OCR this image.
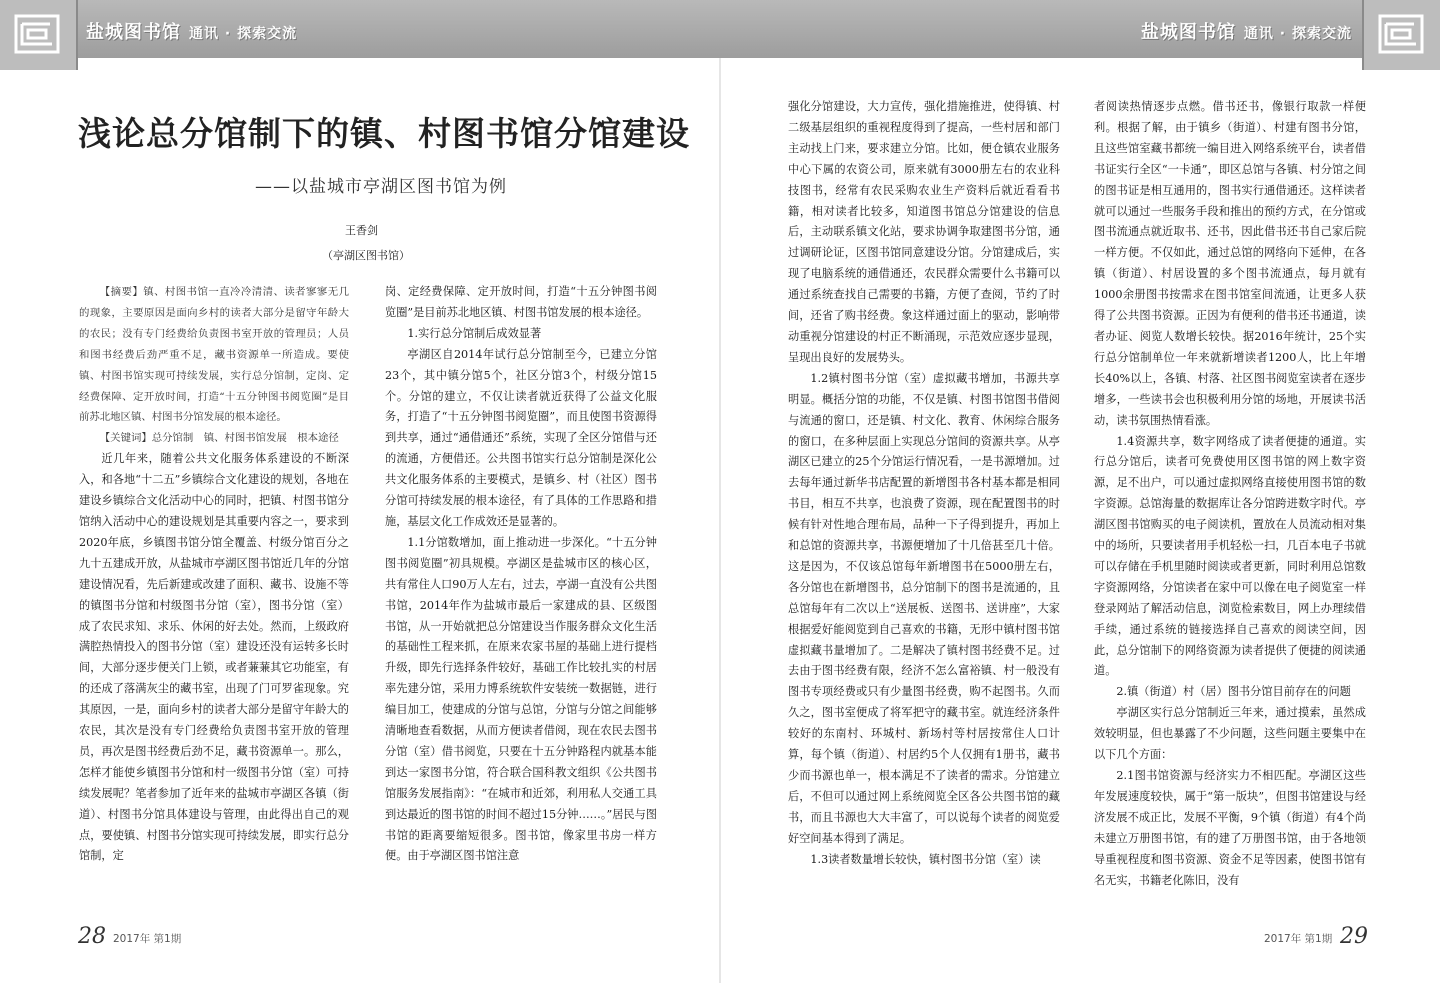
盐城图书馆 通讯 · 探索交流	盐城图书馆 通讯 · 探索交流
浅论总分馆制下的镇、村图书馆分馆建设
——以盐城市亭湖区图书馆为例
王香剑
（亭湖区图书馆）

【摘要】镇、村图书馆一直冷冷清清、读者寥寥无几的现象，主要原因是面向乡村的读者大部分是留守年龄大的农民；没有专门经费给负责图书室开放的管理员；人员和图书经费后劲严重不足，藏书资源单一所造成。要使镇、村图书馆实现可持续发展，实行总分馆制，定岗、定经费保障、定开放时间，打造“十五分钟图书阅览圈”是目前苏北地区镇、村图书分馆发展的根本途径。

【关键词】总分馆制　镇、村图书馆发展　根本途径

近几年来，随着公共文化服务体系建设的不断深入，和各地“十二五”乡镇综合文化建设的规划，各地在建设乡镇综合文化活动中心的同时，把镇、村图书馆分馆纳入活动中心的建设规划是其重要内容之一，要求到2020年底，乡镇图书馆分馆全覆盖、村级分馆百分之九十五建成开放，从盐城市亭湖区图书馆近几年的分馆建设情况看，先后新建或改建了面积、藏书、设施不等的镇图书分馆和村级图书分馆（室），图书分馆（室）成了农民求知、求乐、休闲的好去处。然而，上级政府满腔热情投入的图书分馆（室）建设还没有运转多长时间，大部分逐步便关门上锁，或者蒹蒹其它功能室，有的还成了落满灰尘的藏书室，出现了门可罗雀现象。究其原因，一是，面向乡村的读者大部分是留守年龄大的农民，其次是没有专门经费给负责图书室开放的管理员，再次是图书经费后劲不足，藏书资源单一。那么，怎样才能使乡镇图书分馆和村一级图书分馆（室）可持续发展呢？笔者参加了近年来的盐城市亭湖区各镇（街道）、村图书分馆具体建设与管理，由此得出自己的观点，要使镇、村图书分馆实现可持续发展，即实行总分馆制，定

岗、定经费保障、定开放时间，打造“十五分钟图书阅览圈”是目前苏北地区镇、村图书馆发展的根本途径。

1.实行总分馆制后成效显著

亭湖区自2014年试行总分馆制至今，已建立分馆23个，其中镇分馆5个，社区分馆3个，村级分馆15个。分馆的建立，不仅让读者就近获得了公益文化服务，打造了“十五分钟图书阅览圈”，而且使图书资源得到共享，通过“通借通还”系统，实现了全区分馆借与还的流通，方便借还。公共图书馆实行总分馆制是深化公共文化服务体系的主要模式，是镇乡、村（社区）图书分馆可持续发展的根本途径，有了具体的工作思路和措施，基层文化工作成效还是显著的。

1.1分馆数增加，面上推动进一步深化。“十五分钟图书阅览圈”初具规模。亭湖区是盐城市区的核心区，共有常住人口90万人左右，过去，亭湖一直没有公共图书馆，2014年作为盐城市最后一家建成的县、区级图书馆，从一开始就把总分馆建设当作服务群众文化生活的基础性工程来抓，在原来农家书屋的基础上进行提档升级，即先行选择条件较好，基础工作比较扎实的村居率先建分馆，采用力博系统软件安装统一数据链，进行编目加工，使建成的分馆与总馆，分馆与分馆之间能够清晰地查看数据，从而方便读者借阅，现在农民去图书分馆（室）借书阅览，只要在十五分钟路程内就基本能到达一家图书分馆，符合联合国科教文组织《公共图书馆服务发展指南》：“在城市和近郊，利用私人交通工具到达最近的图书馆的时间不超过15分钟……。”居民与图书馆的距离要缩短很多。图书馆，像家里书房一样方便。由于亭湖区图书馆注意

强化分馆建设，大力宣传，强化措施推进，使得镇、村二级基层组织的重视程度得到了提高，一些村居和部门主动找上门来，要求建立分馆。比如，便仓镇农业服务中心下属的农资公司，原来就有3000册左右的农业科技图书，经常有农民采购农业生产资料后就近看看书籍，相对读者比较多，知道图书馆总分馆建设的信息后，主动联系镇文化站，要求协调争取建图书分馆，通过调研论证，区图书馆同意建设分馆。分馆建成后，实现了电脑系统的通借通还，农民群众需要什么书籍可以通过系统查找自己需要的书籍，方便了查阅，节约了时间，还省了购书经费。象这样通过面上的驱动，影响带动重视分馆建设的村正不断涌现，示范效应逐步显现，呈现出良好的发展势头。

1.2镇村图书分馆（室）虚拟藏书增加，书源共享明显。概括分馆的功能，不仅是镇、村图书馆图书借阅与流通的窗口，还是镇、村文化、教育、休闲综合服务的窗口，在多种层面上实现总分馆间的资源共享。从亭湖区已建立的25个分馆运行情况看，一是书源增加。过去每年通过新华书店配置的新增图书各村基本都是相同书目，相互不共享，也浪费了资源，现在配置图书的时候有针对性地合理布局，品种一下子得到提升，再加上和总馆的资源共享，书源便增加了十几倍甚至几十倍。这是因为，不仅该总馆每年新增图书在5000册左右，各分馆也在新增图书，总分馆制下的图书是流通的，且总馆每年有二次以上“送展板、送图书、送讲座”，大家根据爱好能阅览到自己喜欢的书籍，无形中镇村图书馆虚拟藏书量增加了。二是解决了镇村图书经费不足。过去由于图书经费有限，经济不怎么富裕镇、村一般没有图书专项经费或只有少量图书经费，购不起图书。久而久之，图书室便成了将军把守的藏书室。就连经济条件较好的东南村、环城村、新场村等村居按常住人口计算，每个镇（街道）、村居约5个人仅拥有1册书，藏书少而书源也单一，根本满足不了读者的需求。分馆建立后，不但可以通过网上系统阅览全区各公共图书馆的藏书，而且书源也大大丰富了，可以说每个读者的阅览爱好空间基本得到了满足。

1.3读者数量增长较快，镇村图书分馆（室）读

者阅读热情逐步点燃。借书还书，像银行取款一样便利。根据了解，由于镇乡（街道）、村建有图书分馆，且这些馆室藏书都统一编目进入网络系统平台，读者借书证实行全区“一卡通”，即区总馆与各镇、村分馆之间的图书证是相互通用的，图书实行通借通还。这样读者就可以通过一些服务手段和推出的预约方式，在分馆或图书流通点就近取书、还书，因此借书还书自己家后院一样方便。不仅如此，通过总馆的网络向下延伸，在各镇（街道）、村居设置的多个图书流通点，每月就有1000余册图书按需求在图书馆室间流通，让更多人获得了公共图书资源。正因为有便利的借书还书通道，读者办证、阅览人数增长较快。据2016年统计，25个实行总分馆制单位一年来就新增读者1200人，比上年增长40%以上，各镇、村落、社区图书阅览室读者在逐步增多，一些读书会也积极利用分馆的场地，开展读书活动，读书氛围热情看涨。

1.4资源共享，数字网络成了读者便捷的通道。实行总分馆后，读者可免费使用区图书馆的网上数字资源，足不出户，可以通过虚拟网络直接使用图书馆的数字资源。总馆海量的数据库让各分馆跨进数字时代。亭湖区图书馆购买的电子阅读机，置放在人员流动相对集中的场所，只要读者用手机轻松一扫，几百本电子书就可以存储在手机里随时阅读或者更新，同时利用总馆数字资源网络，分馆读者在家中可以像在电子阅览室一样登录网站了解活动信息，浏览检索数目，网上办理续借手续，通过系统的链接选择自己喜欢的阅读空间，因此，总分馆制下的网络资源为读者提供了便捷的阅读通道。

2.镇（街道）村（居）图书分馆目前存在的问题

亭湖区实行总分馆制近三年来，通过摸索，虽然成效较明显，但也暴露了不少问题，这些问题主要集中在以下几个方面：

2.1图书馆资源与经济实力不相匹配。亭湖区这些年发展速度较快，属于“第一版块”，但图书馆建设与经济发展不成正比，发展不平衡，9个镇（街道）有4个尚未建立万册图书馆，有的建了万册图书馆，由于各地领导重视程度和图书资源、资金不足等因素，使图书馆有名无实，书籍老化陈旧，没有

28 2017年 第1期	2017年 第1期 29
